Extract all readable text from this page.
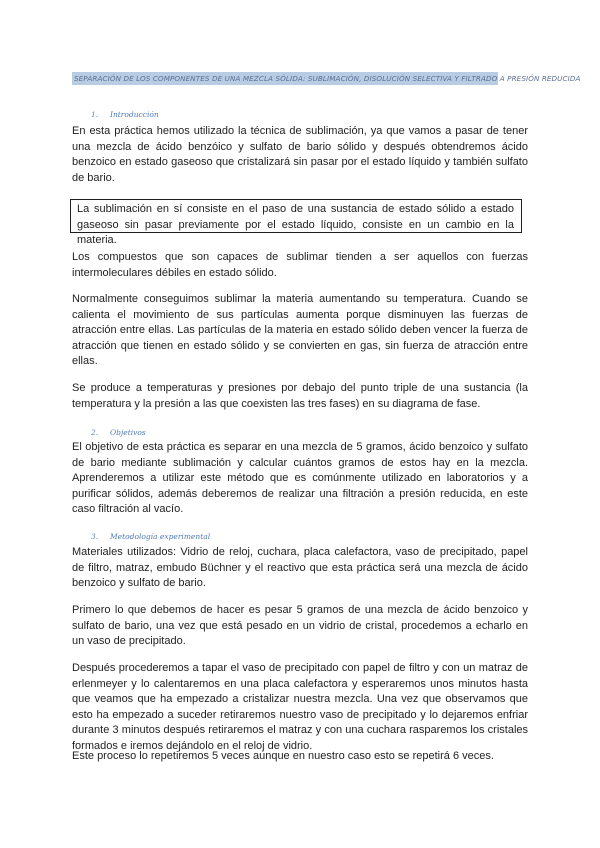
SEPARACIÓN DE LOS COMPONENTES DE UNA MEZCLA SÓLIDA: SUBLIMACIÓN, DISOLUCIÓN SELECTIVA Y FILTRADO A PRESIÓN REDUCIDA
1. Introducción
En esta práctica hemos utilizado la técnica de sublimación, ya que vamos a pasar de tener una mezcla de ácido benzóico y sulfato de bario sólido y después obtendremos ácido benzoico en estado gaseoso que cristalizará sin pasar por el estado líquido y también sulfato de bario.
La sublimación en sí consiste en el paso de una sustancia de estado sólido a estado gaseoso sin pasar previamente por el estado líquido, consiste en un cambio en la materia.
Los compuestos que son capaces de sublimar tienden a ser aquellos con fuerzas intermoleculares débiles en estado sólido.
Normalmente conseguimos sublimar la materia aumentando su temperatura. Cuando se calienta el movimiento de sus partículas aumenta porque disminuyen las fuerzas de atracción entre ellas. Las partículas de la materia en estado sólido deben vencer la fuerza de atracción que tienen en estado sólido y se convierten en gas, sin fuerza de atracción entre ellas.
Se produce a temperaturas y presiones por debajo del punto triple de una sustancia (la temperatura y la presión a las que coexisten las tres fases) en su diagrama de fase.
2. Objetivos
El objetivo de esta práctica es separar en una mezcla de 5 gramos, ácido benzoico y sulfato de bario mediante sublimación y calcular cuántos gramos de estos hay en la mezcla. Aprenderemos a utilizar este método que es comúnmente utilizado en laboratorios y a purificar sólidos, además deberemos de realizar una filtración a presión reducida, en este caso filtración al vacío.
3. Metodología experimental
Materiales utilizados: Vidrio de reloj, cuchara, placa calefactora, vaso de precipitado, papel de filtro, matraz, embudo Büchner y el reactivo que esta práctica será una mezcla de ácido benzoico y sulfato de bario.
Primero lo que debemos de hacer es pesar 5 gramos de una mezcla de ácido benzoico y sulfato de bario, una vez que está pesado en un vidrio de cristal, procedemos a echarlo en un vaso de precipitado.
Después procederemos a tapar el vaso de precipitado con papel de filtro y con un matraz de erlenmeyer y lo calentaremos en una placa calefactora y esperaremos unos minutos hasta que veamos que ha empezado a cristalizar nuestra mezcla. Una vez que observamos que esto ha empezado a suceder retiraremos nuestro vaso de precipitado y lo dejaremos enfriar durante 3 minutos después retiraremos el matraz y con una cuchara rasparemos los cristales formados e iremos dejándolo en el reloj de vidrio.
Este proceso lo repetiremos 5 veces aunque en nuestro caso esto se repetirá 6 veces.
